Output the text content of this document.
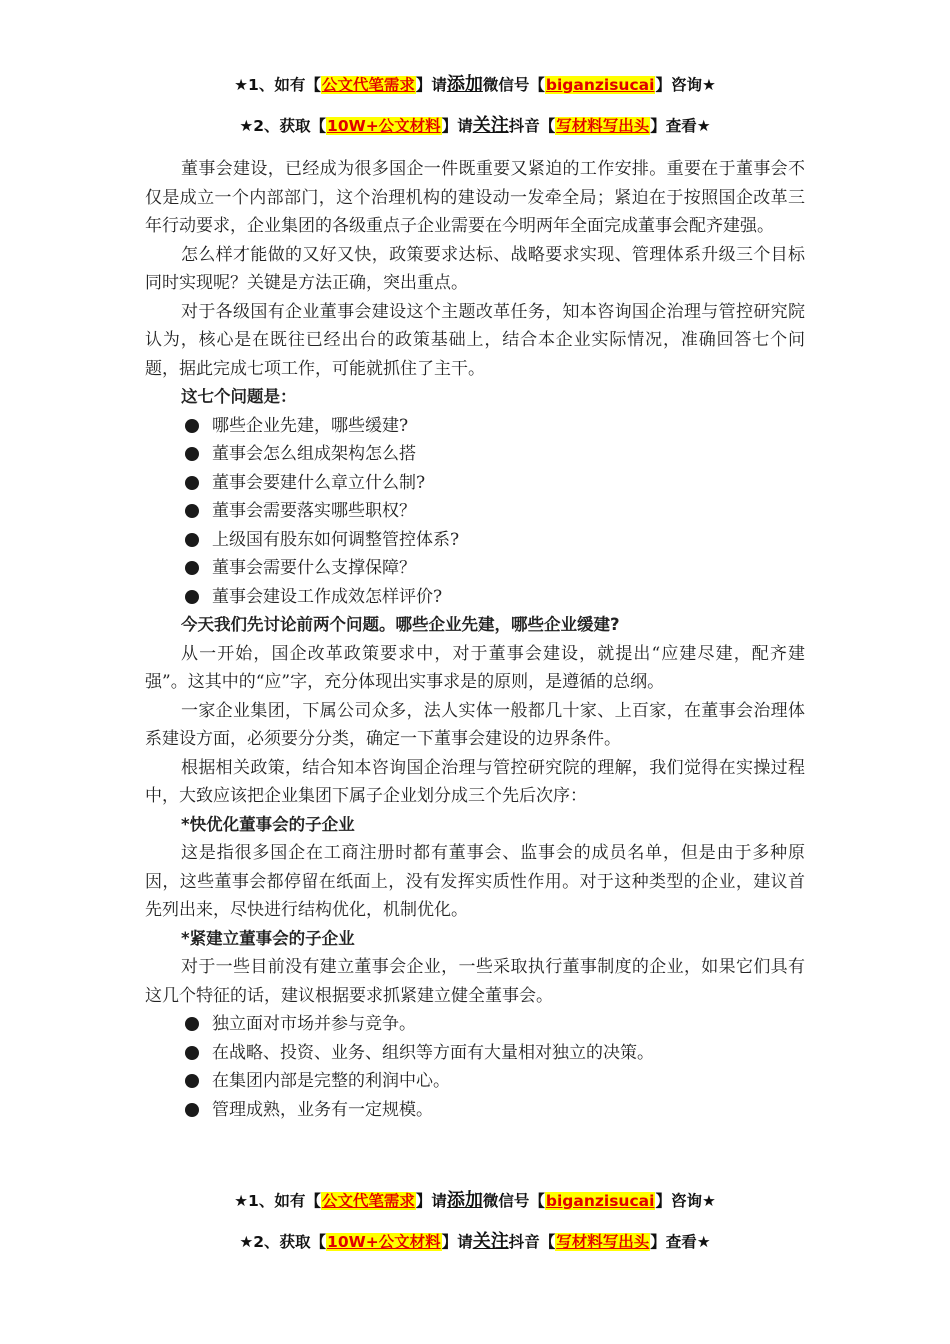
★1、如有【公文代笔需求】请添加微信号【biganzisucai】咨询★
★2、获取【10W+公文材料】请关注抖音【写材料写出头】查看★

董事会建设，已经成为很多国企一件既重要又紧迫的工作安排。重要在于董事会不仅是成立一个内部部门，这个治理机构的建设动一发牵全局；紧迫在于按照国企改革三年行动要求，企业集团的各级重点子企业需要在今明两年全面完成董事会配齐建强。

怎么样才能做的又好又快，政策要求达标、战略要求实现、管理体系升级三个目标同时实现呢？关键是方法正确，突出重点。

对于各级国有企业董事会建设这个主题改革任务，知本咨询国企治理与管控研究院认为，核心是在既往已经出台的政策基础上，结合本企业实际情况，准确回答七个问题，据此完成七项工作，可能就抓住了主干。

这七个问题是：
哪些企业先建，哪些缓建?
董事会怎么组成架构怎么搭
董事会要建什么章立什么制?
董事会需要落实哪些职权？
上级国有股东如何调整管控体系?
董事会需要什么支撑保障？
董事会建设工作成效怎样评价?
今天我们先讨论前两个问题。哪些企业先建，哪些企业缓建?

从一开始，国企改革政策要求中，对于董事会建设，就提出“应建尽建，配齐建强”。这其中的“应”字，充分体现出实事求是的原则，是遵循的总纲。

一家企业集团，下属公司众多，法人实体一般都几十家、上百家，在董事会治理体系建设方面，必须要分分类，确定一下董事会建设的边界条件。

根据相关政策，结合知本咨询国企治理与管控研究院的理解，我们觉得在实操过程中，大致应该把企业集团下属子企业划分成三个先后次序：

*快优化董事会的子企业

这是指很多国企在工商注册时都有董事会、监事会的成员名单，但是由于多种原因，这些董事会都停留在纸面上，没有发挥实质性作用。对于这种类型的企业，建议首先列出来，尽快进行结构优化，机制优化。

*紧建立董事会的子企业

对于一些目前没有建立董事会企业，一些采取执行董事制度的企业，如果它们具有这几个特征的话，建议根据要求抓紧建立健全董事会。

独立面对市场并参与竞争。
在战略、投资、业务、组织等方面有大量相对独立的决策。
在集团内部是完整的利润中心。
管理成熟，业务有一定规模。
★1、如有【公文代笔需求】请添加微信号【biganzisucai】咨询★
★2、获取【10W+公文材料】请关注抖音【写材料写出头】查看★
